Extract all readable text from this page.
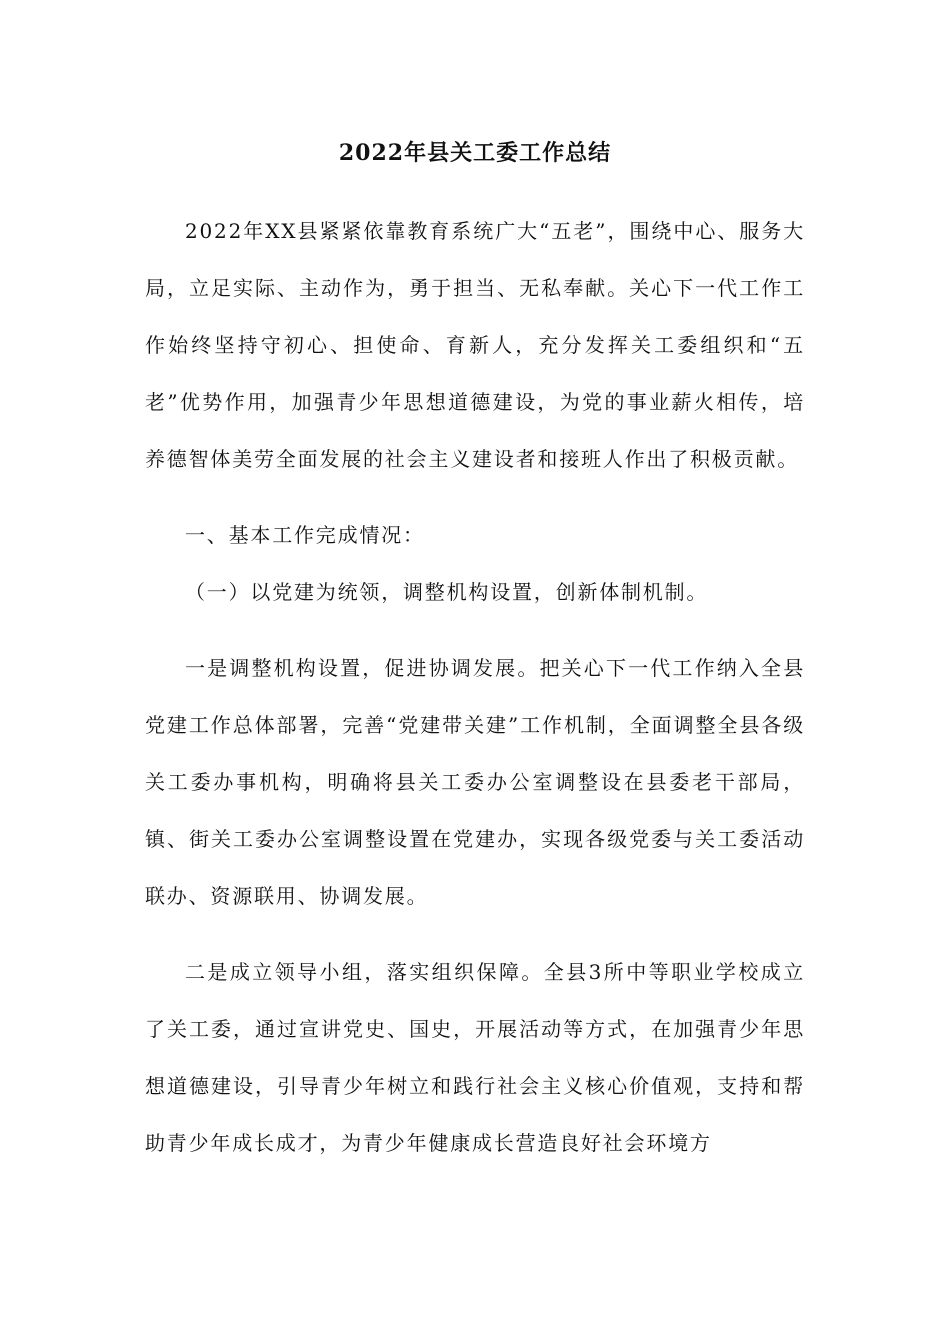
2022年县关工委工作总结

2022年XX县紧紧依靠教育系统广大“五老”，围绕中心、服务大局，立足实际、主动作为，勇于担当、无私奉献。关心下一代工作工作始终坚持守初心、担使命、育新人，充分发挥关工委组织和“五老”优势作用，加强青少年思想道德建设，为党的事业薪火相传，培养德智体美劳全面发展的社会主义建设者和接班人作出了积极贡献。

一、基本工作完成情况：

（一）以党建为统领，调整机构设置，创新体制机制。

一是调整机构设置，促进协调发展。把关心下一代工作纳入全县党建工作总体部署，完善“党建带关建”工作机制，全面调整全县各级关工委办事机构，明确将县关工委办公室调整设在县委老干部局，镇、街关工委办公室调整设置在党建办，实现各级党委与关工委活动联办、资源联用、协调发展。

二是成立领导小组，落实组织保障。全县3所中等职业学校成立了关工委，通过宣讲党史、国史，开展活动等方式，在加强青少年思想道德建设，引导青少年树立和践行社会主义核心价值观，支持和帮助青少年成长成才，为青少年健康成长营造良好社会环境方
